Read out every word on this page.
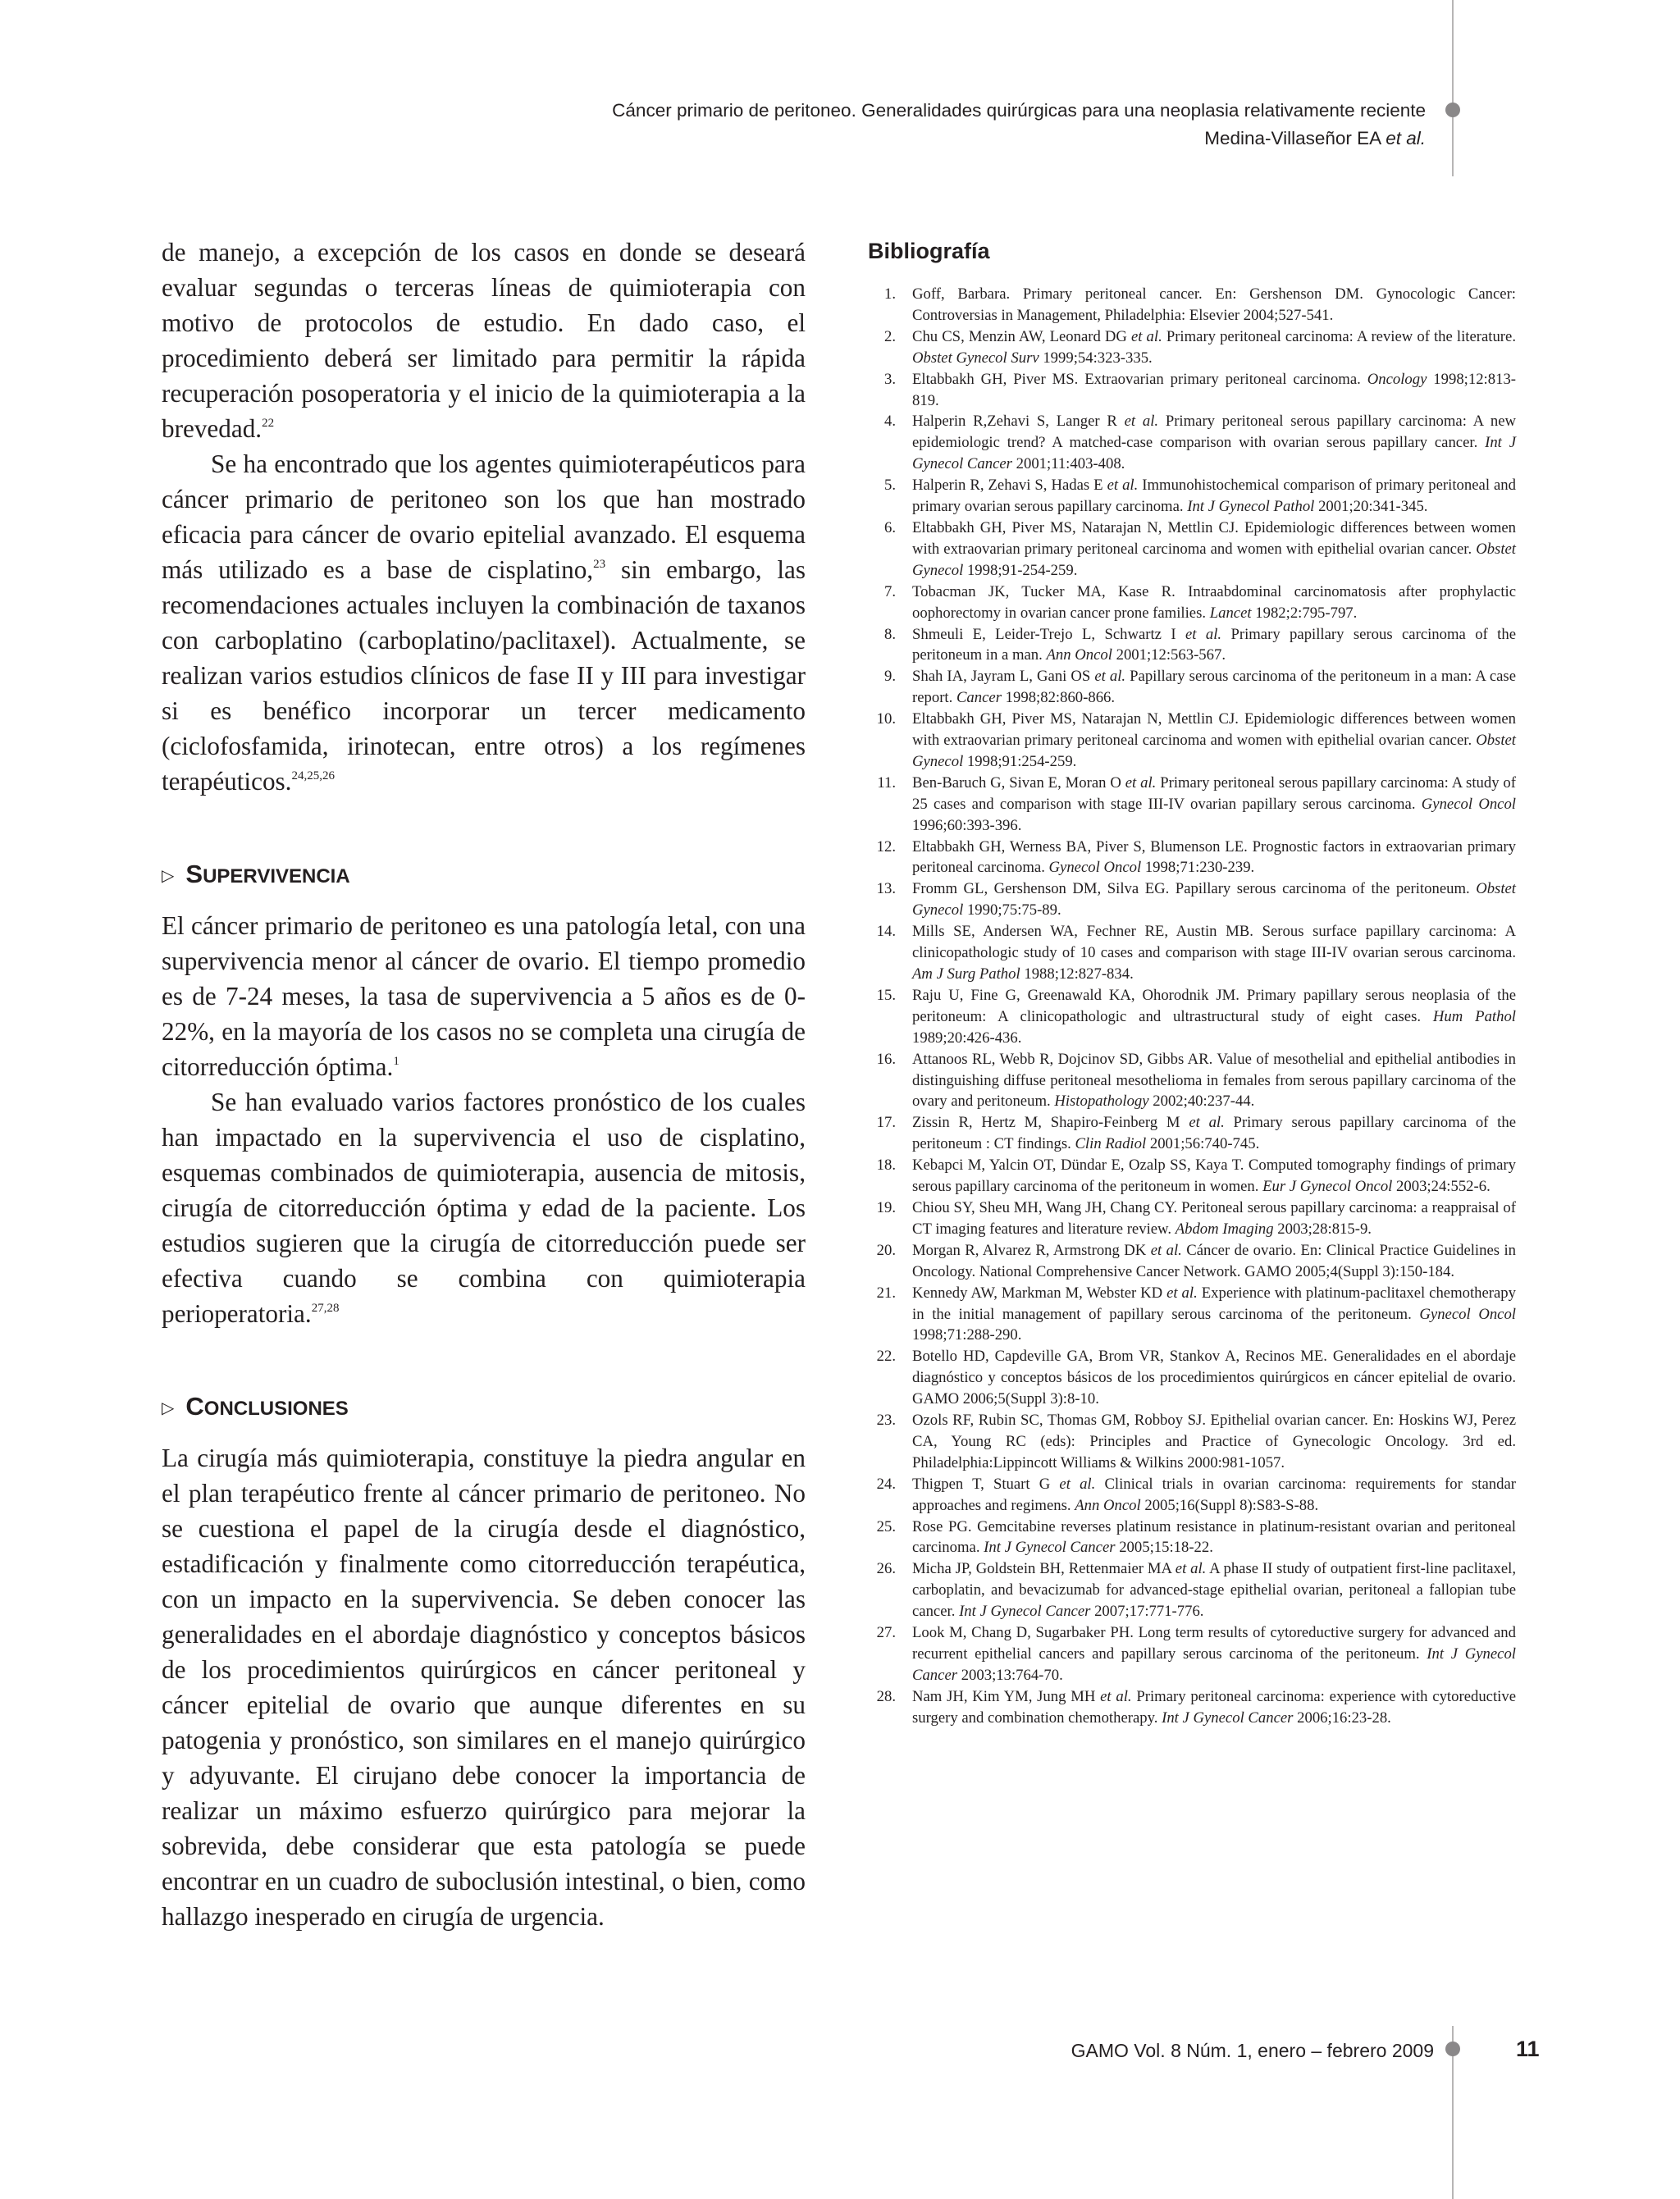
Cáncer primario de peritoneo. Generalidades quirúrgicas para una neoplasia relativamente reciente
Medina-Villaseñor EA et al.

de manejo, a excepción de los casos en donde se deseará evaluar segundas o terceras líneas de quimioterapia con motivo de protocolos de estudio. En dado caso, el procedimiento deberá ser limitado para permitir la rápida recuperación posoperatoria y el inicio de la quimioterapia a la brevedad.$^{22}$

Se ha encontrado que los agentes quimioterapéuticos para cáncer primario de peritoneo son los que han mostrado eficacia para cáncer de ovario epitelial avanzado. El esquema más utilizado es a base de cisplatino,$^{23}$ sin embargo, las recomendaciones actuales incluyen la combinación de taxanos con carboplatino (carboplatino/paclitaxel). Actualmente, se realizan varios estudios clínicos de fase II y III para investigar si es benéfico incorporar un tercer medicamento (ciclofosfamida, irinotecan, entre otros) a los regímenes terapéuticos.$^{24,25,26}$

▷ SUPERVIVENCIA

El cáncer primario de peritoneo es una patología letal, con una supervivencia menor al cáncer de ovario. El tiempo promedio es de 7-24 meses, la tasa de supervivencia a 5 años es de 0-22%, en la mayoría de los casos no se completa una cirugía de citorreducción óptima.$^1$

Se han evaluado varios factores pronóstico de los cuales han impactado en la supervivencia el uso de cisplatino, esquemas combinados de quimioterapia, ausencia de mitosis, cirugía de citorreducción óptima y edad de la paciente. Los estudios sugieren que la cirugía de citorreducción puede ser efectiva cuando se combina con quimioterapia perioperatoria.$^{27,28}$

▷ CONCLUSIONES

La cirugía más quimioterapia, constituye la piedra angular en el plan terapéutico frente al cáncer primario de peritoneo. No se cuestiona el papel de la cirugía desde el diagnóstico, estadificación y finalmente como citorreducción terapéutica, con un impacto en la supervivencia. Se deben conocer las generalidades en el abordaje diagnóstico y conceptos básicos de los procedimientos quirúrgicos en cáncer peritoneal y cáncer epitelial de ovario que aunque diferentes en su patogenia y pronóstico, son similares en el manejo quirúrgico y adyuvante. El cirujano debe conocer la importancia de realizar un máximo esfuerzo quirúrgico para mejorar la sobrevida, debe considerar que esta patología se puede encontrar en un cuadro de suboclusión intestinal, o bien, como hallazgo inesperado en cirugía de urgencia.

Bibliografía
1. Goff, Barbara. Primary peritoneal cancer. En: Gershenson DM. Gynocologic Cancer: Controversias in Management, Philadelphia: Elsevier 2004;527-541.
2. Chu CS, Menzin AW, Leonard DG et al. Primary peritoneal carcinoma: A review of the literature. Obstet Gynecol Surv 1999;54:323-335.
3. Eltabbakh GH, Piver MS. Extraovarian primary peritoneal carcinoma. Oncology 1998;12:813-819.
4. Halperin R,Zehavi S, Langer R et al. Primary peritoneal serous papillary carcinoma: A new epidemiologic trend? A matched-case comparison with ovarian serous papillary cancer. Int J Gynecol Cancer 2001;11:403-408.
5. Halperin R, Zehavi S, Hadas E et al. Immunohistochemical comparison of primary peritoneal and primary ovarian serous papillary carcinoma. Int J Gynecol Pathol 2001;20:341-345.
6. Eltabbakh GH, Piver MS, Natarajan N, Mettlin CJ. Epidemiologic differences between women with extraovarian primary peritoneal carcinoma and women with epithelial ovarian cancer. Obstet Gynecol 1998;91-254-259.
7. Tobacman JK, Tucker MA, Kase R. Intraabdominal carcinomatosis after prophylactic oophorectomy in ovarian cancer prone families. Lancet 1982;2:795-797.
8. Shmeuli E, Leider-Trejo L, Schwartz I et al. Primary papillary serous carcinoma of the peritoneum in a man. Ann Oncol 2001;12:563-567.
9. Shah IA, Jayram L, Gani OS et al. Papillary serous carcinoma of the peritoneum in a man: A case report. Cancer 1998;82:860-866.
10. Eltabbakh GH, Piver MS, Natarajan N, Mettlin CJ. Epidemiologic differences between women with extraovarian primary peritoneal carcinoma and women with epithelial ovarian cancer. Obstet Gynecol 1998;91:254-259.
11. Ben-Baruch G, Sivan E, Moran O et al. Primary peritoneal serous papillary carcinoma: A study of 25 cases and comparison with stage III-IV ovarian papillary serous carcinoma. Gynecol Oncol 1996;60:393-396.
12. Eltabbakh GH, Werness BA, Piver S, Blumenson LE. Prognostic factors in extraovarian primary peritoneal carcinoma. Gynecol Oncol 1998;71:230-239.
13. Fromm GL, Gershenson DM, Silva EG. Papillary serous carcinoma of the peritoneum. Obstet Gynecol 1990;75:75-89.
14. Mills SE, Andersen WA, Fechner RE, Austin MB. Serous surface papillary carcinoma: A clinicopathologic study of 10 cases and comparison with stage III-IV ovarian serous carcinoma. Am J Surg Pathol 1988;12:827-834.
15. Raju U, Fine G, Greenawald KA, Ohorodnik JM. Primary papillary serous neoplasia of the peritoneum: A clinicopathologic and ultrastructural study of eight cases. Hum Pathol 1989;20:426-436.
16. Attanoos RL, Webb R, Dojcinov SD, Gibbs AR. Value of mesothelial and epithelial antibodies in distinguishing diffuse peritoneal mesothelioma in females from serous papillary carcinoma of the ovary and peritoneum. Histopathology 2002;40:237-44.
17. Zissin R, Hertz M, Shapiro-Feinberg M et al. Primary serous papillary carcinoma of the peritoneum : CT findings. Clin Radiol 2001;56:740-745.
18. Kebapci M, Yalcin OT, Dündar E, Ozalp SS, Kaya T. Computed tomography findings of primary serous papillary carcinoma of the peritoneum in women. Eur J Gynecol Oncol 2003;24:552-6.
19. Chiou SY, Sheu MH, Wang JH, Chang CY. Peritoneal serous papillary carcinoma: a reappraisal of CT imaging features and literature review. Abdom Imaging 2003;28:815-9.
20. Morgan R, Alvarez R, Armstrong DK et al. Cáncer de ovario. En: Clinical Practice Guidelines in Oncology. National Comprehensive Cancer Network. GAMO 2005;4(Suppl 3):150-184.
21. Kennedy AW, Markman M, Webster KD et al. Experience with platinum-paclitaxel chemotherapy in the initial management of papillary serous carcinoma of the peritoneum. Gynecol Oncol 1998;71:288-290.
22. Botello HD, Capdeville GA, Brom VR, Stankov A, Recinos ME. Generalidades en el abordaje diagnóstico y conceptos básicos de los procedimientos quirúrgicos en cáncer epitelial de ovario. GAMO 2006;5(Suppl 3):8-10.
23. Ozols RF, Rubin SC, Thomas GM, Robboy SJ. Epithelial ovarian cancer. En: Hoskins WJ, Perez CA, Young RC (eds): Principles and Practice of Gynecologic Oncology. 3rd ed. Philadelphia:Lippincott Williams & Wilkins 2000:981-1057.
24. Thigpen T, Stuart G et al. Clinical trials in ovarian carcinoma: requirements for standar approaches and regimens. Ann Oncol 2005;16(Suppl 8):S83-S-88.
25. Rose PG. Gemcitabine reverses platinum resistance in platinum-resistant ovarian and peritoneal carcinoma. Int J Gynecol Cancer 2005;15:18-22.
26. Micha JP, Goldstein BH, Rettenmaier MA et al. A phase II study of outpatient first-line paclitaxel, carboplatin, and bevacizumab for advanced-stage epithelial ovarian, peritoneal a fallopian tube cancer. Int J Gynecol Cancer 2007;17:771-776.
27. Look M, Chang D, Sugarbaker PH. Long term results of cytoreductive surgery for advanced and recurrent epithelial cancers and papillary serous carcinoma of the peritoneum. Int J Gynecol Cancer 2003;13:764-70.
28. Nam JH, Kim YM, Jung MH et al. Primary peritoneal carcinoma: experience with cytoreductive surgery and combination chemotherapy. Int J Gynecol Cancer 2006;16:23-28.
GAMO Vol. 8 Núm. 1, enero – febrero 2009	11
